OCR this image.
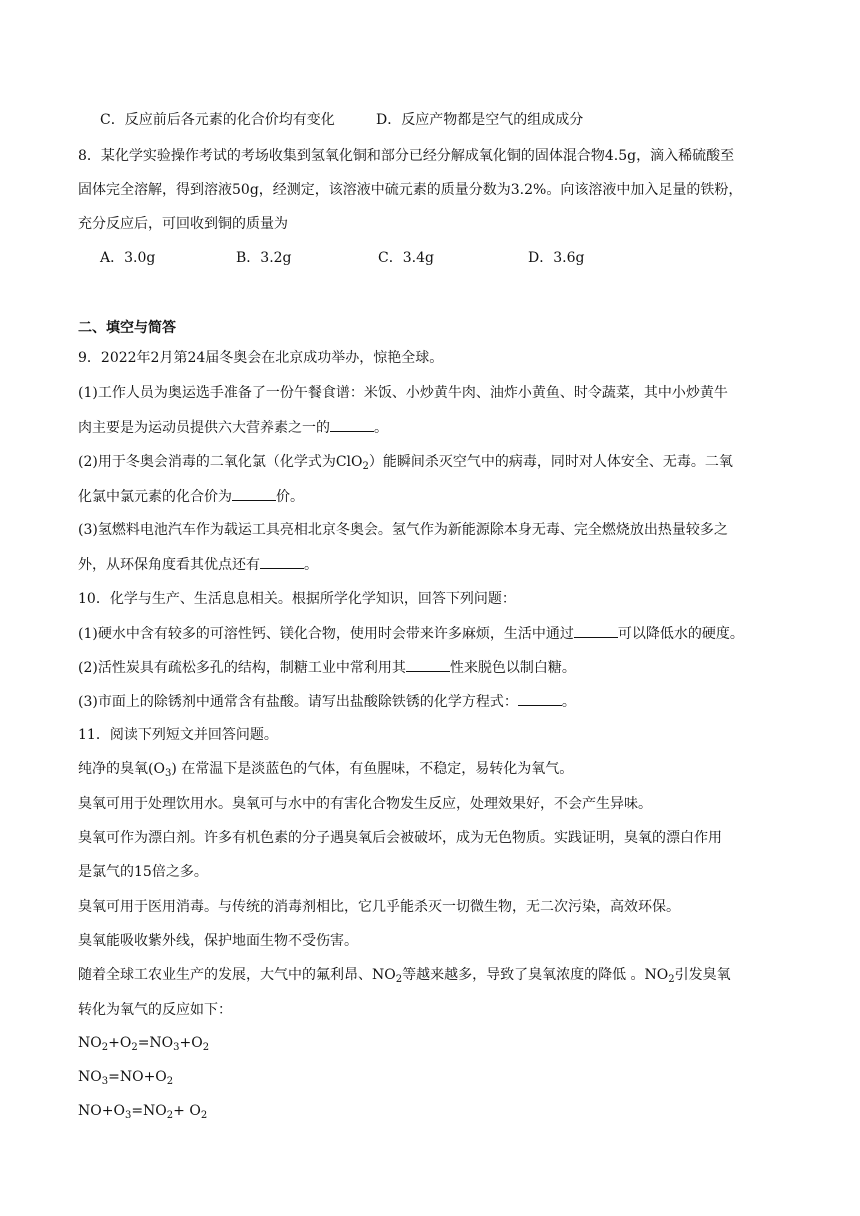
C．反应前后各元素的化合价均有变化	D．反应产物都是空气的组成成分
8．某化学实验操作考试的考场收集到氢氧化铜和部分已经分解成氧化铜的固体混合物4.5g，滴入稀硫酸至
固体完全溶解，得到溶液50g，经测定，该溶液中硫元素的质量分数为3.2%。向该溶液中加入足量的铁粉，
充分反应后，可回收到铜的质量为
A．3.0g	B．3.2g	C．3.4g	D．3.6g
二、填空与简答
9．2022年2月第24届冬奥会在北京成功举办，惊艳全球。
(1)工作人员为奥运选手准备了一份午餐食谱：米饭、小炒黄牛肉、油炸小黄鱼、时令蔬菜，其中小炒黄牛
肉主要是为运动员提供六大营养素之一的	。
(2)用于冬奥会消毒的二氧化氯（化学式为ClO$_2$）能瞬间杀灭空气中的病毒，同时对人体安全、无毒。二氧
化氯中氯元素的化合价为	价。
(3)氢燃料电池汽车作为载运工具亮相北京冬奥会。氢气作为新能源除本身无毒、完全燃烧放出热量较多之
外，从环保角度看其优点还有	。
10．化学与生产、生活息息相关。根据所学化学知识，回答下列问题：
(1)硬水中含有较多的可溶性钙、镁化合物，使用时会带来许多麻烦，生活中通过	可以降低水的硬度。
(2)活性炭具有疏松多孔的结构，制糖工业中常利用其	性来脱色以制白糖。
(3)市面上的除锈剂中通常含有盐酸。请写出盐酸除铁锈的化学方程式：	。
11．阅读下列短文并回答问题。
纯净的臭氧$(O_3)$ 在常温下是淡蓝色的气体，有鱼腥味，不稳定，易转化为氧气。
臭氧可用于处理饮用水。臭氧可与水中的有害化合物发生反应，处理效果好，不会产生异味。
臭氧可作为漂白剂。许多有机色素的分子遇臭氧后会被破坏，成为无色物质。实践证明，臭氧的漂白作用
是氯气的15倍之多。
臭氧可用于医用消毒。与传统的消毒剂相比，它几乎能杀灭一切微生物，无二次污染，高效环保。
臭氧能吸收紫外线，保护地面生物不受伤害。
随着全球工农业生产的发展，大气中的氟利昂、$NO_2$等越来越多，导致了臭氧浓度的降低 。$NO_2$引发臭氧
转化为氧气的反应如下：
$NO_2+O_2=NO_3+O_2$
$NO_3=NO+O_2$
$NO+O_3=NO_2+ O_2$
